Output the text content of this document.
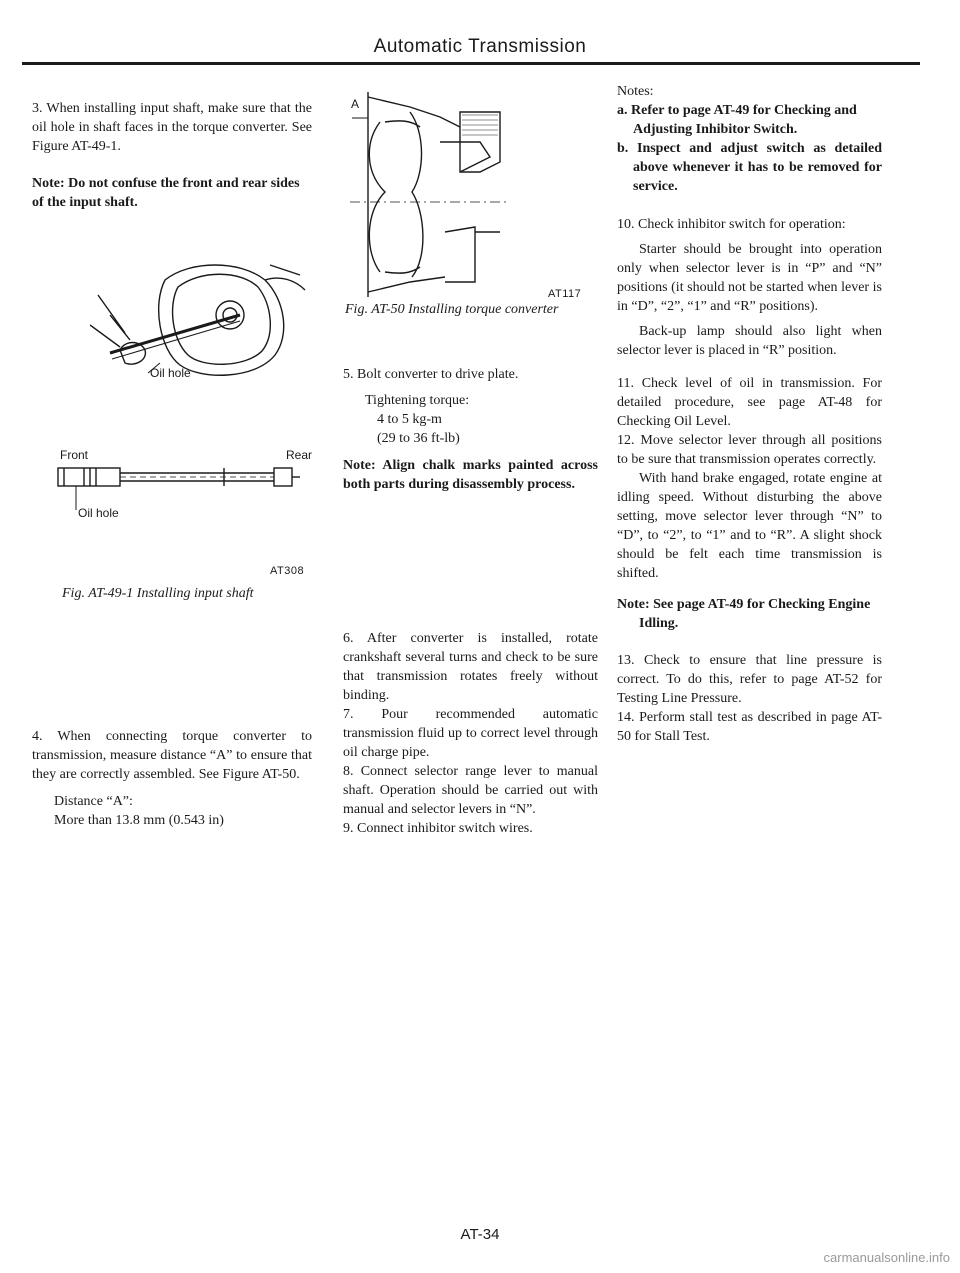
Automatic Transmission

3. When installing input shaft, make sure that the oil hole in shaft faces in the torque converter. See Figure AT-49-1.

Note: Do not confuse the front and rear sides of the input shaft.

Oil hole
Front	Rear
Oil hole
AT308
Fig. AT-49-1 Installing input shaft

4. When connecting torque converter to transmission, measure distance “A” to ensure that they are correctly assembled. See Figure AT-50.

Distance “A”:

More than 13.8 mm (0.543 in)

A
AT117
Fig. AT-50 Installing torque converter

5. Bolt converter to drive plate.

Tightening torque:

4 to 5 kg-m

(29 to 36 ft-lb)

Note: Align chalk marks painted across both parts during disassembly process.

6. After converter is installed, rotate crankshaft several turns and check to be sure that transmission rotates freely without binding.

7. Pour recommended automatic transmission fluid up to correct level through oil charge pipe.

8. Connect selector range lever to manual shaft. Operation should be carried out with manual and selector levers in “N”.

9. Connect inhibitor switch wires.

Notes:

a. Refer to page AT-49 for Checking and Adjusting Inhibitor Switch.

b. Inspect and adjust switch as detailed above whenever it has to be removed for service.

10. Check inhibitor switch for operation:

Starter should be brought into operation only when selector lever is in “P” and “N” positions (it should not be started when lever is in “D”, “2”, “1” and “R” positions).

Back-up lamp should also light when selector lever is placed in “R” position.

11. Check level of oil in transmission. For detailed procedure, see page AT-48 for Checking Oil Level.

12. Move selector lever through all positions to be sure that transmission operates correctly.

With hand brake engaged, rotate engine at idling speed. Without disturbing the above setting, move selector lever through “N” to “D”, to “2”, to “1” and to “R”. A slight shock should be felt each time transmission is shifted.

Note: See page AT-49 for Checking Engine Idling.

13. Check to ensure that line pressure is correct. To do this, refer to page AT-52 for Testing Line Pressure.

14. Perform stall test as described in page AT-50 for Stall Test.

AT-34
carmanualsonline.info
